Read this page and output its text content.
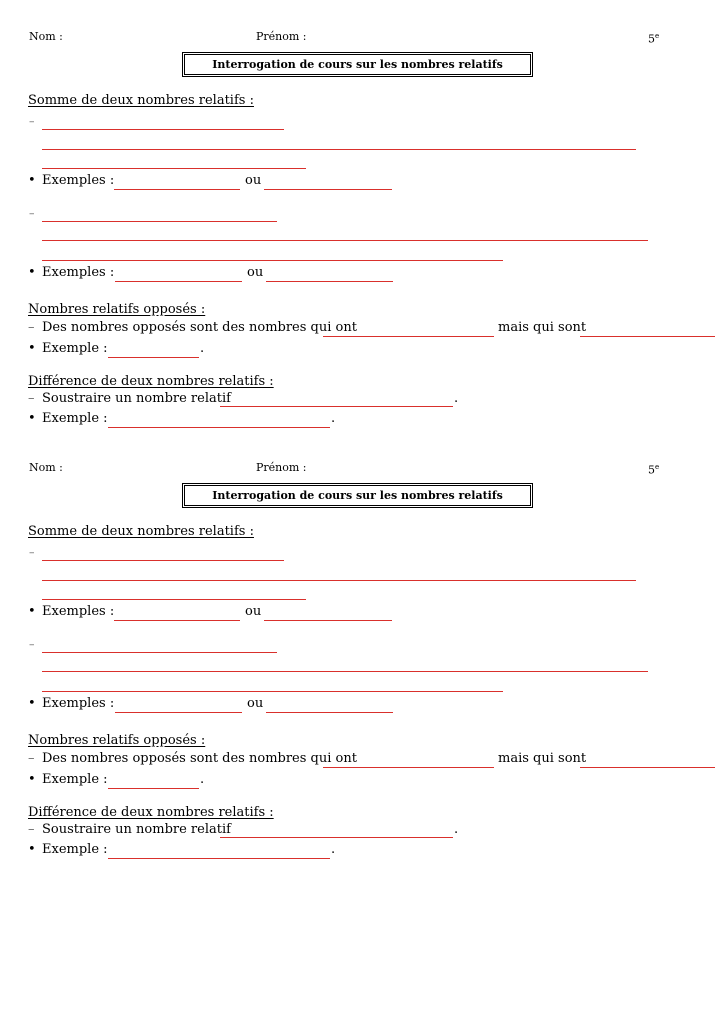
Nom :	Prénom :	5e
Interrogation de cours sur les nombres relatifs
Somme de deux nombres relatifs :
–
• Exemples :	ou
–
• Exemples :	ou
Nombres relatifs opposés :
– Des nombres opposés sont des nombres qui ont	mais qui sont
• Exemple :	.
Différence de deux nombres relatifs :
– Soustraire un nombre relatif	.
• Exemple :	.
Nom :	Prénom :	5e
Interrogation de cours sur les nombres relatifs
Somme de deux nombres relatifs :
–
• Exemples :	ou
–
• Exemples :	ou
Nombres relatifs opposés :
– Des nombres opposés sont des nombres qui ont	mais qui sont
• Exemple :	.
Différence de deux nombres relatifs :
– Soustraire un nombre relatif	.
• Exemple :	.
